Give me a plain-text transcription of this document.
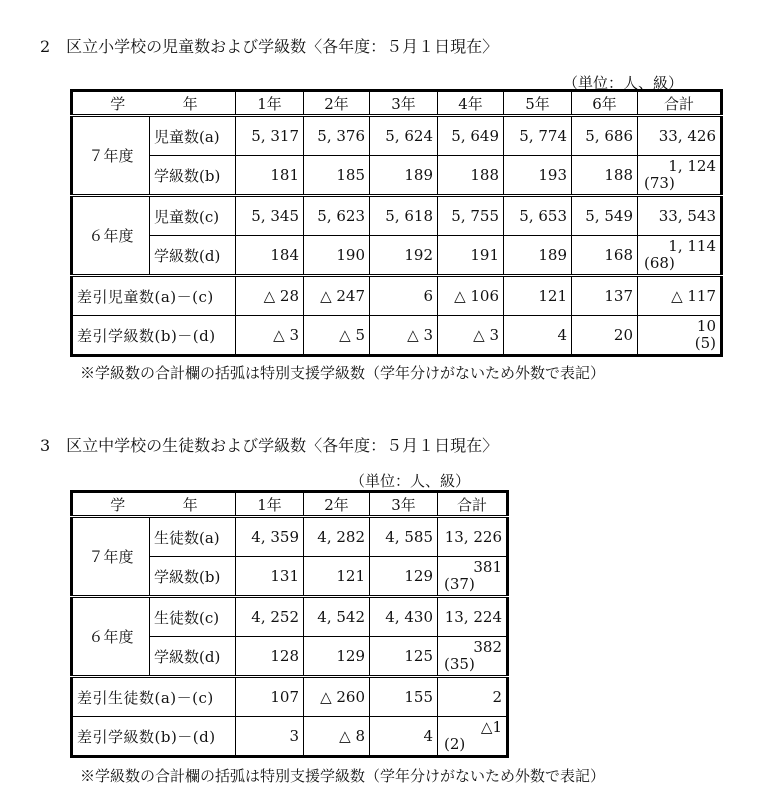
2　区立小学校の児童数および学級数〈各年度：５月１日現在〉
（単位：人、級）
学 年		1年	2年	3年	4年	5年	6年	合計
７年度	児童数(a)	5, 317	5, 376	5, 624	5, 649	5, 774	5, 686	33, 426
	学級数(b)	181	185	189	188	193	188	1, 124
(73)

６年度	児童数(c)	5, 345	5, 623	5, 618	5, 755	5, 653	5, 549	33, 543
	学級数(d)	184	190	192	191	189	168	1, 114
(68)

差引児童数(a)－(c)		△ 28	△ 247	6	△ 106	121	137	△ 117
差引学級数(b)－(d)		△ 3	△ 5	△ 3	△ 3	4	20	10
(5)
※学級数の合計欄の括弧は特別支援学級数（学年分けがないため外数で表記）
3　区立中学校の生徒数および学級数〈各年度：５月１日現在〉
（単位：人、級）
学 年		1年	2年	3年	合計
７年度	生徒数(a)	4, 359	4, 282	4, 585	13, 226
	学級数(b)	131	121	129	381
(37)

６年度	生徒数(c)	4, 252	4, 542	4, 430	13, 224
	学級数(d)	128	129	125	382
(35)

差引生徒数(a)－(c)		107	△ 260	155	2
差引学級数(b)－(d)		3	△ 8	4	△1
(2)
※学級数の合計欄の括弧は特別支援学級数（学年分けがないため外数で表記）
